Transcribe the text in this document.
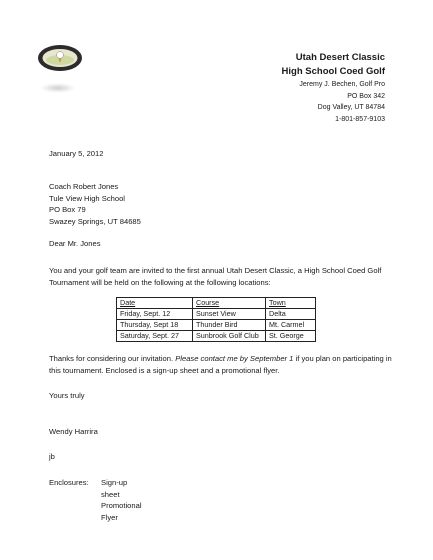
Utah Desert Classic
High School Coed Golf
Jeremy J. Bechen, Golf Pro
PO Box 342
Dog Valley, UT 84784
1-801-857-9103
January 5, 2012
Coach Robert Jones
Tule View High School
PO Box 79
Swazey Springs, UT 84685
Dear Mr. Jones
You and your golf team are invited to the first annual Utah Desert Classic, a High School Coed Golf Tournament will be held on the following at the following locations:
Date	Course	Town
Friday, Sept. 12	Sunset View	Delta
Thursday, Sept 18	Thunder Bird	Mt. Carmel
Saturday, Sept. 27	Sunbrook Golf Club	St. George
Thanks for considering our invitation. Please contact me by September 1 if you plan on participating in this tournament. Enclosed is a sign-up sheet and a promotional flyer.
Yours truly
Wendy Harrira
jb
Enclosures: Sign-up sheet
Promotional Flyer
